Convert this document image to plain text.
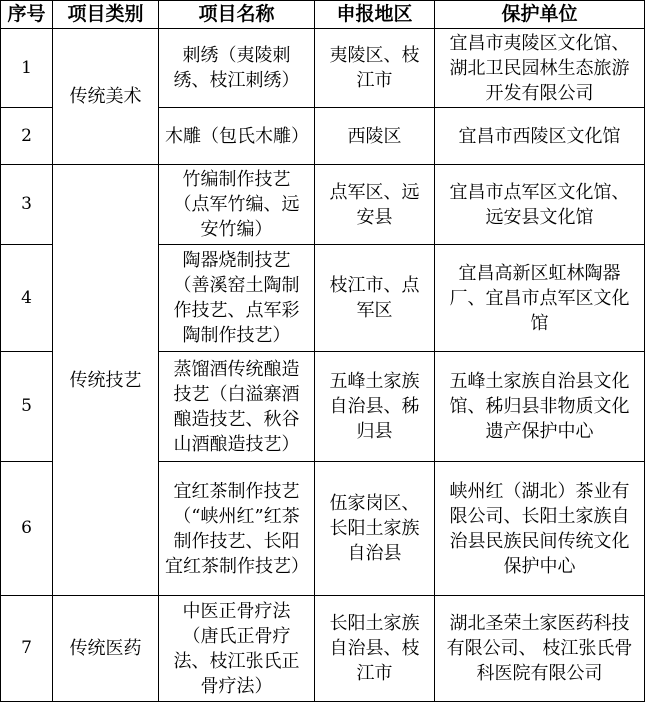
序号	项目类别	项目名称	申报地区	保护单位
1	传统美术	刺绣（夷陵刺绣、枝江刺绣）	夷陵区、枝江市	宜昌市夷陵区文化馆、湖北卫民园林生态旅游开发有限公司
2		木雕（包氏木雕）	西陵区	宜昌市西陵区文化馆
3	传统技艺	竹编制作技艺（点军竹编、远安竹编）	点军区、远安县	宜昌市点军区文化馆、远安县文化馆
4		陶器烧制技艺（善溪窑土陶制作技艺、点军彩陶制作技艺）	枝江市、点军区	宜昌高新区虹林陶器厂、宜昌市点军区文化馆
5		蒸馏酒传统酿造技艺（白溢寨酒酿造技艺、秋谷山酒酿造技艺）	五峰土家族自治县、秭归县	五峰土家族自治县文化馆、秭归县非物质文化遗产保护中心
6		宜红茶制作技艺（“峡州红”红茶制作技艺、长阳宜红茶制作技艺）	伍家岗区、长阳土家族自治县	峡州红（湖北）茶业有限公司、长阳土家族自治县民族民间传统文化保护中心
7	传统医药	中医正骨疗法（唐氏正骨疗法、枝江张氏正骨疗法）	长阳土家族自治县、枝江市	湖北圣荣土家医药科技有限公司、 枝江张氏骨科医院有限公司
